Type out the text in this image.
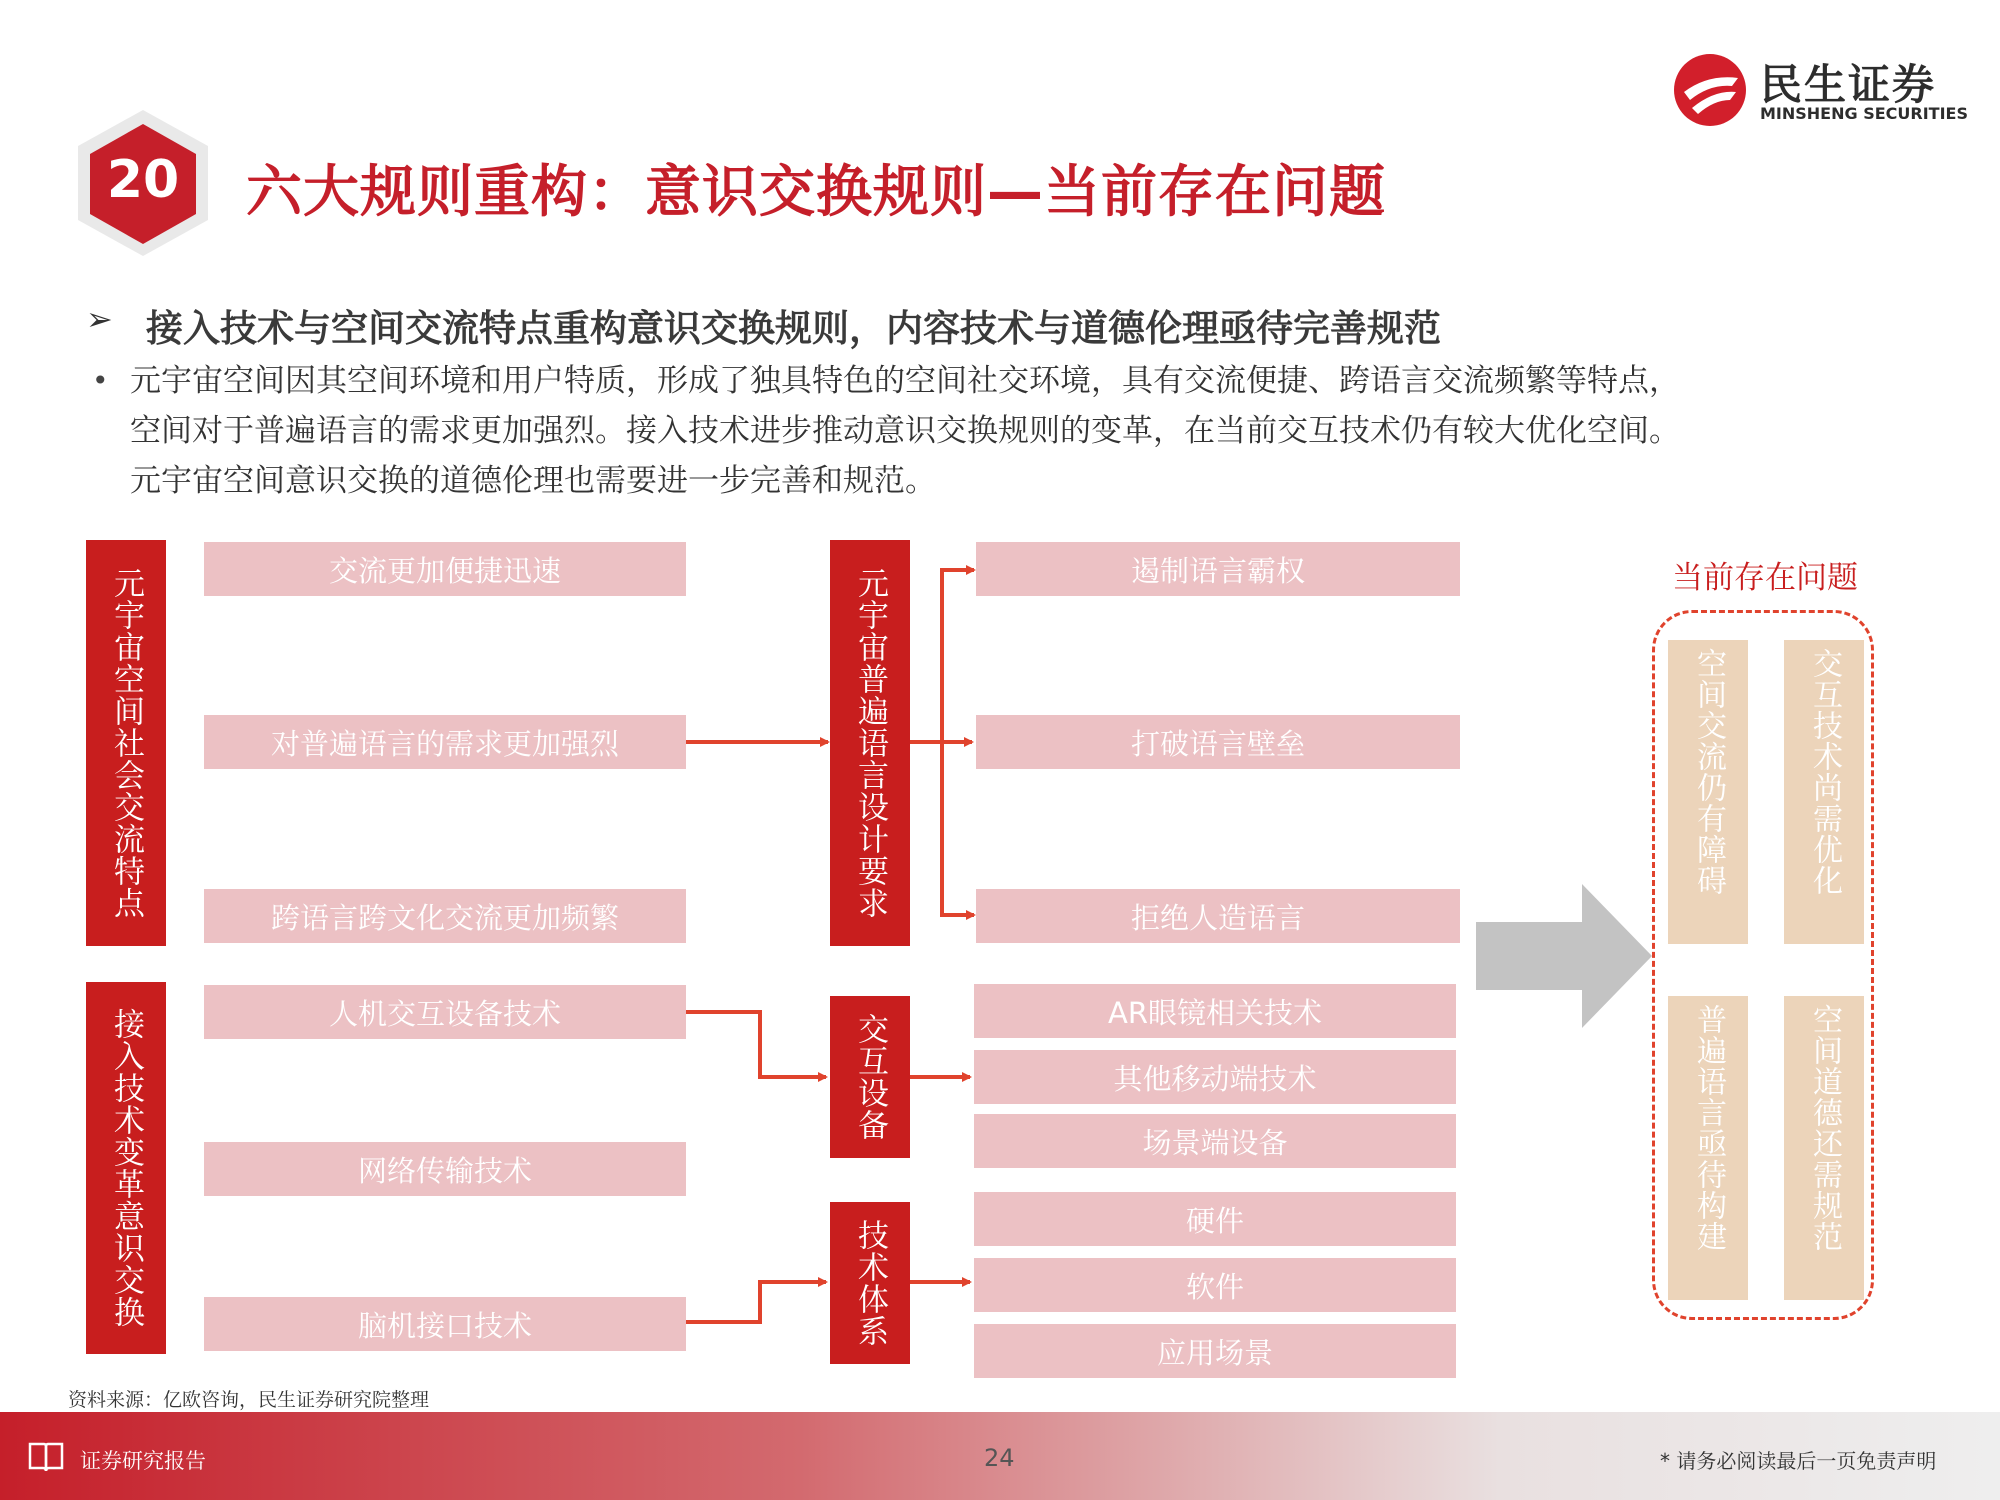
20	六大规则重构：意识交换规则—当前存在问题
民生证券
MINSHENG SECURITIES
➢ 接入技术与空间交流特点重构意识交换规则，内容技术与道德伦理亟待完善规范
• 元宇宙空间因其空间环境和用户特质，形成了独具特色的空间社交环境，具有交流便捷、跨语言交流频繁等特点，
空间对于普遍语言的需求更加强烈。接入技术进步推动意识交换规则的变革，在当前交互技术仍有较大优化空间。
元宇宙空间意识交换的道德伦理也需要进一步完善和规范。
元宇宙空间社会交流特点
接入技术变革意识交换
交流更加便捷迅速
对普遍语言的需求更加强烈
跨语言跨文化交流更加频繁
人机交互设备技术
网络传输技术
脑机接口技术
元宇宙普遍语言设计要求
交互设备
技术体系
遏制语言霸权
打破语言壁垒
拒绝人造语言
AR眼镜相关技术
其他移动端技术
场景端设备
硬件
软件
应用场景
当前存在问题
空间交流仍有障碍	交互技术尚需优化
普遍语言亟待构建	空间道德还需规范
资料来源：亿欧咨询，民生证券研究院整理
证券研究报告	24	* 请务必阅读最后一页免责声明
